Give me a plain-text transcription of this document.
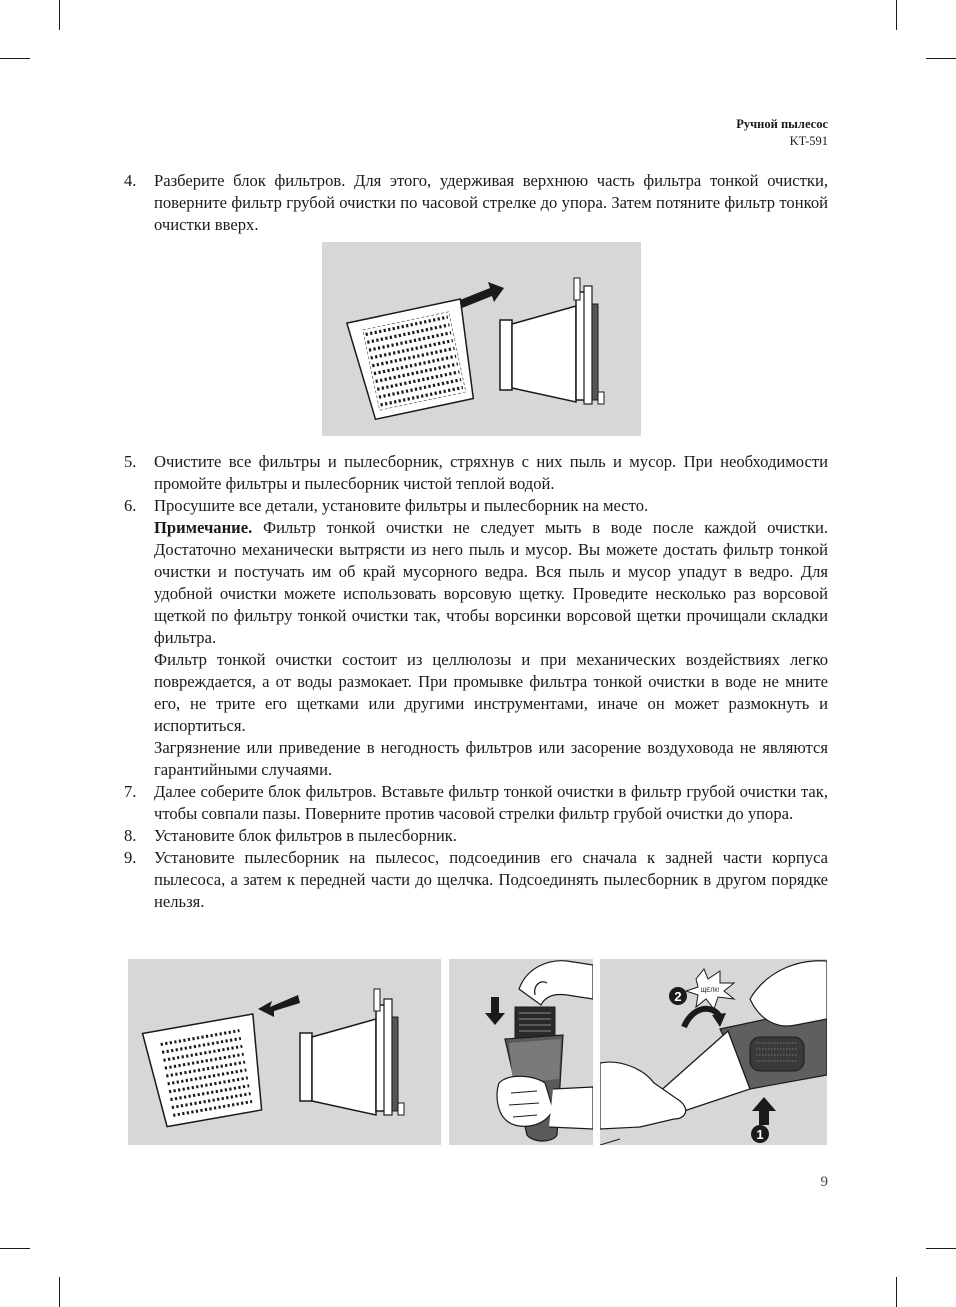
Ручной пылесос
KT-591
4. Разберите блок фильтров. Для этого, удерживая верхнюю часть фильтра тонкой очистки, поверните фильтр грубой очистки по часовой стрелке до упора. Затем потяните фильтр тонкой очистки вверх.
5. Очистите все фильтры и пылесборник, стряхнув с них пыль и мусор. При необходимости промойте фильтры и пылесборник чистой теплой водой.
6. Просушите все детали, установите фильтры и пылесборник на место.
Примечание. Фильтр тонкой очистки не следует мыть в воде после каждой очистки. Достаточно механически вытрясти из него пыль и мусор. Вы можете достать фильтр тонкой очистки и постучать им об край мусорного ведра. Вся пыль и мусор упадут в ведро. Для удобной очистки можете использовать ворсовую щетку. Проведите несколько раз ворсовой щеткой по фильтру тонкой очистки так, чтобы ворсинки ворсовой щетки прочищали складки фильтра.
Фильтр тонкой очистки состоит из целлюлозы и при механических воздействиях легко повреждается, а от воды размокает. При промывке фильтра тонкой очистки в воде не мните его, не трите его щетками или другими инструментами, иначе он может размокнуть и испортиться.
Загрязнение или приведение в негодность фильтров или засорение воздуховода не являются гарантийными случаями.
7. Далее соберите блок фильтров. Вставьте фильтр тонкой очистки в фильтр грубой очистки так, чтобы совпали пазы. Поверните против часовой стрелки фильтр грубой очистки до упора.
8. Установите блок фильтров в пылесборник.
9. Установите пылесборник на пылесос, подсоединив его сначала к задней части корпуса пылесоса, а затем к передней части до щелчка. Подсоединять пылесборник в другом порядке нельзя.
ЩЕЛК!
2
1
9
